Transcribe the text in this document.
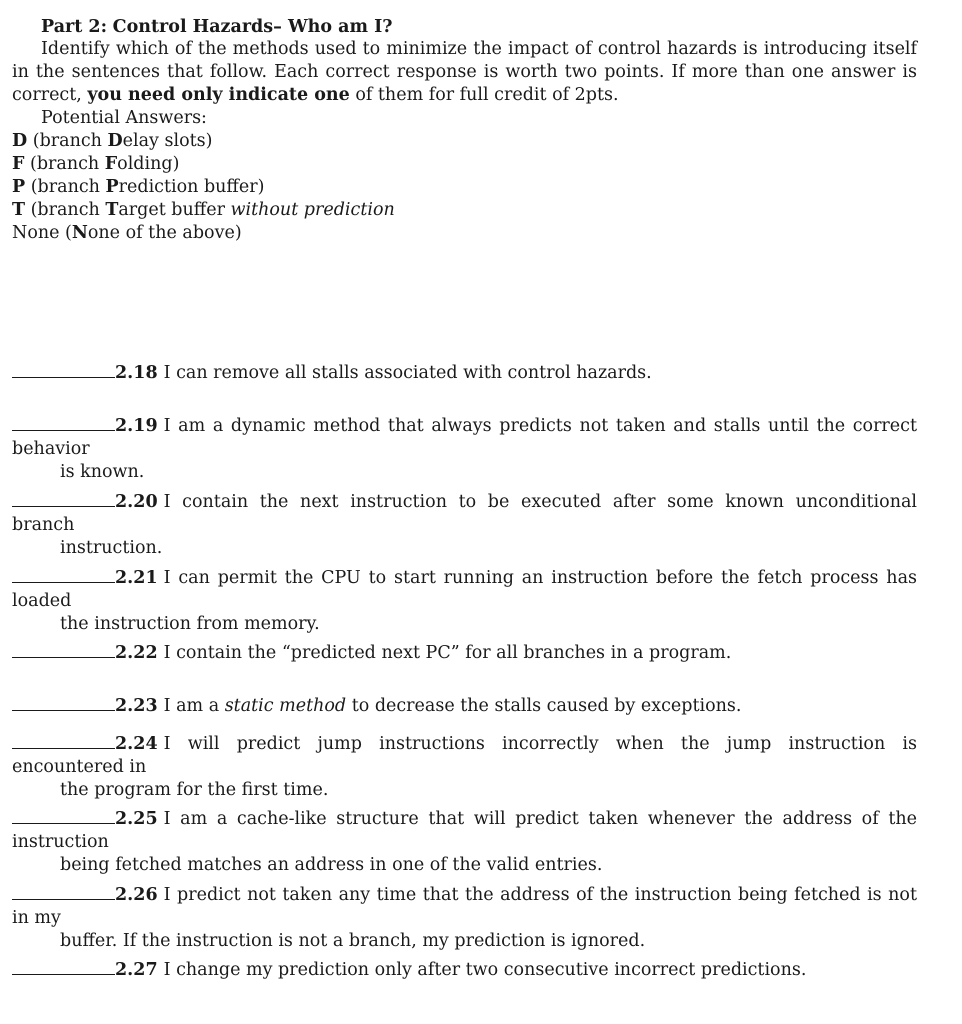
Part 2: Control Hazards– Who am I?

Identify which of the methods used to minimize the impact of control hazards is introducing itself in the sentences that follow. Each correct response is worth two points. If more than one answer is correct, you need only indicate one of them for full credit of 2pts.

Potential Answers:

D (branch Delay slots)
F (branch Folding)
P (branch Prediction buffer)
T (branch Target buffer without prediction
None (None of the above)
2.18 I can remove all stalls associated with control hazards.
2.19 I am a dynamic method that always predicts not taken and stalls until the correct behavior
is known.
2.20 I contain the next instruction to be executed after some known unconditional branch
instruction.
2.21 I can permit the CPU to start running an instruction before the fetch process has loaded
the instruction from memory.
2.22 I contain the “predicted next PC” for all branches in a program.
2.23 I am a static method to decrease the stalls caused by exceptions.
2.24 I will predict jump instructions incorrectly when the jump instruction is encountered in
the program for the first time.
2.25 I am a cache-like structure that will predict taken whenever the address of the instruction
being fetched matches an address in one of the valid entries.
2.26 I predict not taken any time that the address of the instruction being fetched is not in my
buffer. If the instruction is not a branch, my prediction is ignored.
2.27 I change my prediction only after two consecutive incorrect predictions.
